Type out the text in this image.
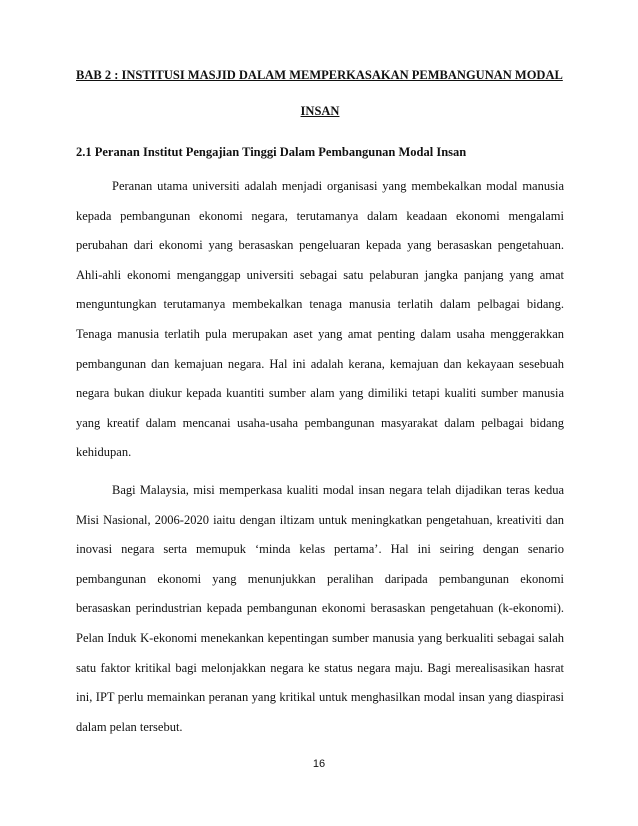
BAB 2 : INSTITUSI MASJID DALAM MEMPERKASAKAN PEMBANGUNAN MODAL
INSAN
2.1 Peranan Institut Pengajian Tinggi Dalam Pembangunan Modal Insan

Peranan utama universiti adalah menjadi organisasi yang membekalkan modal manusia kepada pembangunan ekonomi negara, terutamanya dalam keadaan ekonomi mengalami perubahan dari ekonomi yang berasaskan pengeluaran kepada yang berasaskan pengetahuan. Ahli-ahli ekonomi menganggap universiti sebagai satu pelaburan jangka panjang yang amat menguntungkan terutamanya membekalkan tenaga manusia terlatih dalam pelbagai bidang. Tenaga manusia terlatih pula merupakan aset yang amat penting dalam usaha menggerakkan pembangunan dan kemajuan negara. Hal ini adalah kerana, kemajuan dan kekayaan sesebuah negara bukan diukur kepada kuantiti sumber alam yang dimiliki tetapi kualiti sumber manusia yang kreatif dalam mencanai usaha-usaha pembangunan masyarakat dalam pelbagai bidang kehidupan.

Bagi Malaysia, misi memperkasa kualiti modal insan negara telah dijadikan teras kedua Misi Nasional, 2006-2020 iaitu dengan iltizam untuk meningkatkan pengetahuan, kreativiti dan inovasi negara serta memupuk ‘minda kelas pertama’. Hal ini seiring dengan senario pembangunan ekonomi yang menunjukkan peralihan daripada pembangunan ekonomi berasaskan perindustrian kepada pembangunan ekonomi berasaskan pengetahuan (k-ekonomi). Pelan Induk K-ekonomi menekankan kepentingan sumber manusia yang berkualiti sebagai salah satu faktor kritikal bagi melonjakkan negara ke status negara maju. Bagi merealisasikan hasrat ini, IPT perlu memainkan peranan yang kritikal untuk menghasilkan modal insan yang diaspirasi dalam pelan tersebut.

16
